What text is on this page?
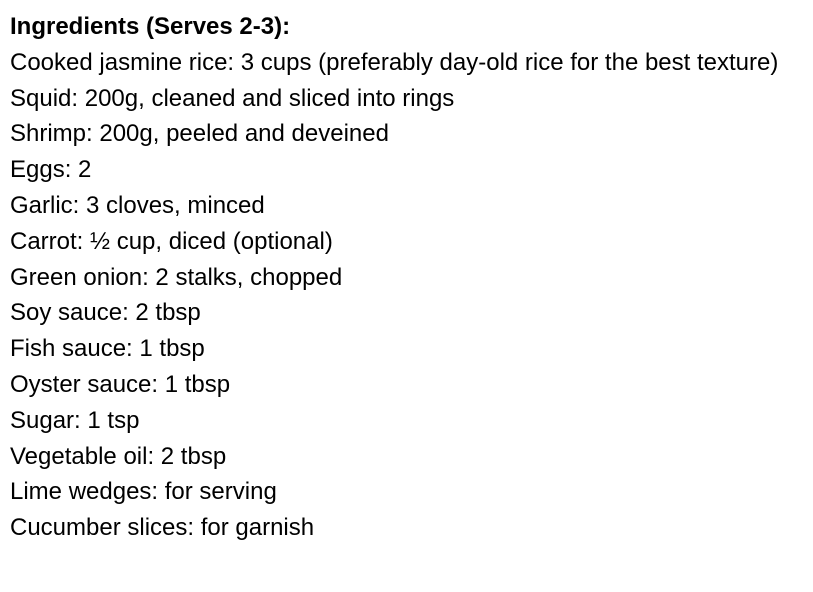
Ingredients (Serves 2-3):
Cooked jasmine rice: 3 cups (preferably day-old rice for the best texture)
Squid: 200g, cleaned and sliced into rings
Shrimp: 200g, peeled and deveined
Eggs: 2
Garlic: 3 cloves, minced
Carrot: ½ cup, diced (optional)
Green onion: 2 stalks, chopped
Soy sauce: 2 tbsp
Fish sauce: 1 tbsp
Oyster sauce: 1 tbsp
Sugar: 1 tsp
Vegetable oil: 2 tbsp
Lime wedges: for serving
Cucumber slices: for garnish
